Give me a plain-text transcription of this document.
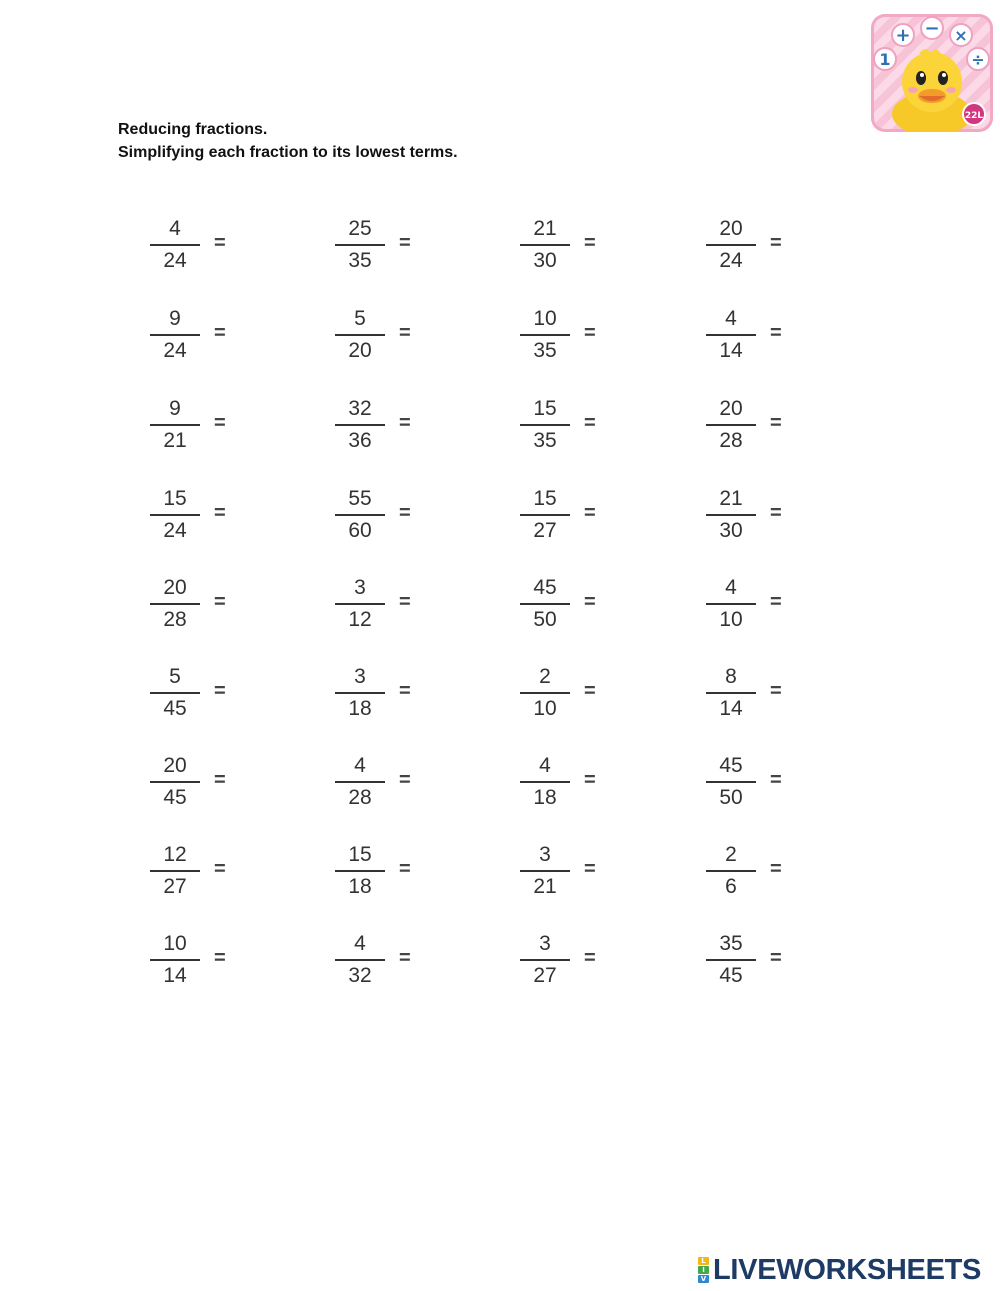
+ − ×
1	÷
22L
Reducing fractions.
Simplifying each fraction to its lowest terms.
4
24
=
25
35
=
21
30
=
20
24
=
9
24
=
5
20
=
10
35
=
4
14
=
9
21
=
32
36
=
15
35
=
20
28
=
15
24
=
55
60
=
15
27
=
21
30
=
20
28
=
3
12
=
45
50
=
4
10
=
5
45
=
3
18
=
2
10
=
8
14
=
20
45
=
4
28
=
4
18
=
45
50
=
12
27
=
15
18
=
3
21
=
2
6
=
10
14
=
4
32
=
3
27
=
35
45
=
L
I
V LIVEWORKSHEETS
